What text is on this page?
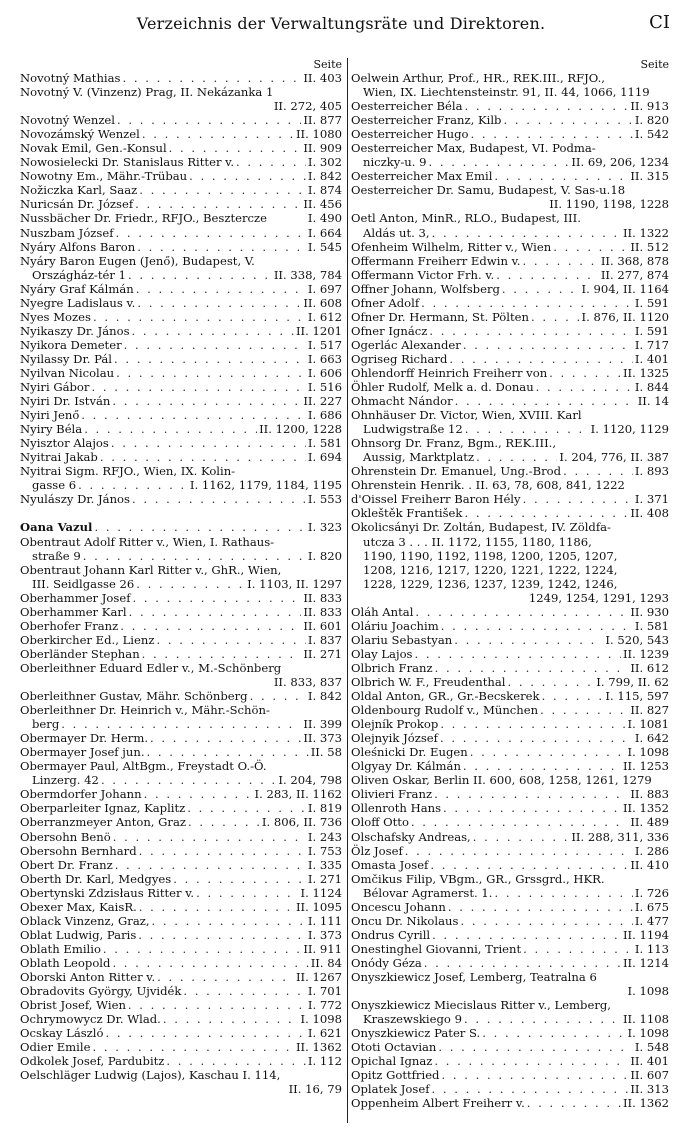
Verzeichnis der Verwaltungsräte und Direktoren.	CI
Seite
Novotný Mathias . . .	II. 403
Novotný V. (Vinzenz) Prag, II. Nekázanka 1
II. 272, 405
Novotný Wenzel . . .	II. 877
Novozámský Wenzel . . .	II. 1080
Novak Emil, Gen.-Konsul . . .	II. 909
Nowosielecki Dr. Stanislaus Ritter v. . . .	I. 302
Nowotny Em., Mähr.-Trübau . . .	I. 842
Nožiczka Karl, Saaz . . .	I. 874
Nuricsán Dr. József . . .	II. 456
Nussbächer Dr. Friedr., RFJO., Besztercze	I. 490
Nuszbam József . . .	I. 664
Nyáry Alfons Baron . . .	I. 545
Nyáry Baron Eugen (Jenő), Budapest, V.
Országház-tér 1 . . .	II. 338, 784
Nyáry Graf Kálmán . . .	I. 697
Nyegre Ladislaus v. . . .	II. 608
Nyes Mozes . . .	I. 612
Nyikaszy Dr. János . . .	II. 1201
Nyikora Demeter . . .	I. 517
Nyilassy Dr. Pál . . .	I. 663
Nyilvan Nicolau . . .	I. 606
Nyiri Gábor . . .	I. 516
Nyiri Dr. István . . .	II. 227
Nyiri Jenő . . .	I. 686
Nyiry Béla . . .	II. 1200, 1228
Nyisztor Alajos . . .	I. 581
Nyitrai Jakab . . .	I. 694
Nyitrai Sigm. RFJO., Wien, IX. Kolin-
gasse 6 . . .	I. 1162, 1179, 1184, 1195
Nyulászy Dr. János . . .	I. 553
Oana Vazul . . .	I. 323
Obentraut Adolf Ritter v., Wien, I. Rathaus-
straße 9 . . .	I. 820
Obentraut Johann Karl Ritter v., GhR., Wien,
III. Seidlgasse 26 . . .	I. 1103, II. 1297
Oberhammer Josef . . .	II. 833
Oberhammer Karl . . .	II. 833
Oberhofer Franz . . .	II. 601
Oberkircher Ed., Lienz . . .	I. 837
Oberländer Stephan . . .	II. 271
Oberleithner Eduard Edler v., M.-Schönberg
II. 833, 837
Oberleithner Gustav, Mähr. Schönberg . . .	I. 842
Oberleithner Dr. Heinrich v., Mähr.-Schön-
berg . . .	II. 399
Obermayer Dr. Herm. . . .	II. 373
Obermayer Josef jun. . . .	II. 58
Obermayer Paul, AltBgm., Freystadt O.-Ö.
Linzerg. 42 . . .	I. 204, 798
Obermdorfer Johann . . .	I. 283, II. 1162
Oberparleiter Ignaz, Kaplitz . . .	I. 819
Oberranzmeyer Anton, Graz . . .	I. 806, II. 736
Obersohn Benö . . .	I. 243
Obersohn Bernhard . . .	I. 753
Obert Dr. Franz . . .	I. 335
Oberth Dr. Karl, Medgyes . . .	I. 271
Obertynski Zdzisłaus Ritter v. . . .	I. 1124
Obexer Max, KaisR. . . .	II. 1095
Oblack Vinzenz, Graz, . . .	I. 111
Oblat Ludwig, Paris . . .	I. 373
Oblath Emilio . . .	II. 911
Oblath Leopold . . .	II. 84
Oborski Anton Ritter v. . . .	II. 1267
Obradovits György, Ujvidék . . .	I. 701
Obrist Josef, Wien . . .	I. 772
Ochrymowycz Dr. Wlad. . . .	I. 1098
Ocskay László . . .	I. 621
Odier Emile . . .	II. 1362
Odkolek Josef, Pardubitz . . .	I. 112
Oelschläger Ludwig (Lajos), Kaschau I. 114,
II. 16, 79
Seite
Oelwein Arthur, Prof., HR., REK.III., RFJO.,
Wien, IX. Liechtensteinstr. 91, II. 44, 1066, 1119
Oesterreicher Béla . . .	II. 913
Oesterreicher Franz, Kilb . . .	I. 820
Oesterreicher Hugo . . .	I. 542
Oesterreicher Max, Budapest, VI. Podma-
niczky-u. 9 . . .	II. 69, 206, 1234
Oesterreicher Max Emil . . .	II. 315
Oesterreicher Dr. Samu, Budapest, V. Sas-u.18
II. 1190, 1198, 1228
Oetl Anton, MinR., RLO., Budapest, III.
Aldás ut. 3, . . .	II. 1322
Ofenheim Wilhelm, Ritter v., Wien . . .	II. 512
Offermann Freiherr Edwin v. . . .	II. 368, 878
Offermann Victor Frh. v. . . .	II. 277, 874
Offner Johann, Wolfsberg . . .	I. 904, II. 1164
Ofner Adolf . . .	I. 591
Ofner Dr. Hermann, St. Pölten . . .	I. 876, II. 1120
Ofner Ignácz . . .	I. 591
Ogerlác Alexander . . .	I. 717
Ogriseg Richard . . .	I. 401
Ohlendorff Heinrich Freiherr von . . .	II. 1325
Öhler Rudolf, Melk a. d. Donau . . .	I. 844
Ohmacht Nándor . . .	II. 14
Ohnhäuser Dr. Victor, Wien, XVIII. Karl
Ludwigstraße 12 . . .	I. 1120, 1129
Ohnsorg Dr. Franz, Bgm., REK.III.,
Aussig, Marktplatz . . .	I. 204, 776, II. 387
Ohrenstein Dr. Emanuel, Ung.-Brod . . .	I. 893
Ohrenstein Henrik. . II. 63, 78, 608, 841, 1222
d'Oissel Freiherr Baron Hély . . .	I. 371
Okleštěk František . . .	II. 408
Okolicsányi Dr. Zoltán, Budapest, IV. Zöldfa-
utcza 3 . . . II. 1172, 1155, 1180, 1186,
1190, 1190, 1192, 1198, 1200, 1205, 1207,
1208, 1216, 1217, 1220, 1221, 1222, 1224,
1228, 1229, 1236, 1237, 1239, 1242, 1246,
1249, 1254, 1291, 1293
Oláh Antal . . .	II. 930
Oláriu Joachim . . .	I. 581
Olariu Sebastyan . . .	I. 520, 543
Olay Lajos . . .	II. 1239
Olbrich Franz . . .	II. 612
Olbrich W. F., Freudenthal . . .	I. 799, II. 62
Oldal Anton, GR., Gr.-Becskerek . . .	I. 115, 597
Oldenbourg Rudolf v., München . . .	II. 827
Olejník Prokop . . .	I. 1081
Olejnyik József . . .	I. 642
Oleśnicki Dr. Eugen . . .	I. 1098
Olgyay Dr. Kálmán . . .	II. 1253
Oliven Oskar, Berlin II. 600, 608, 1258, 1261, 1279
Olivieri Franz . . .	II. 883
Ollenroth Hans . . .	II. 1352
Oloff Otto . . .	II. 489
Olschafsky Andreas, . . .	II. 288, 311, 336
Ölz Josef . . .	I. 286
Omasta Josef . . .	II. 410
Omčikus Filip, VBgm., GR., Grssgrd., HKR.
Bélovar Agramerst. 1. . . .	I. 726
Oncescu Johann . . .	I. 675
Oncu Dr. Nikolaus . . .	I. 477
Ondrus Cyrill . . .	II. 1194
Onestinghel Giovanni, Trient . . .	I. 113
Onódy Géza . . .	II. 1214
Onyszkiewicz Josef, Lemberg, Teatralna 6
I. 1098
Onyszkiewicz Miecislaus Ritter v., Lemberg,
Kraszewskiego 9 . . .	II. 1108
Onyszkiewicz Pater S. . . .	I. 1098
Ototi Octavian . . .	I. 548
Opichal Ignaz . . .	II. 401
Opitz Gottfried . . .	II. 607
Oplatek Josef . . .	II. 313
Oppenheim Albert Freiherr v. . . .	II. 1362
